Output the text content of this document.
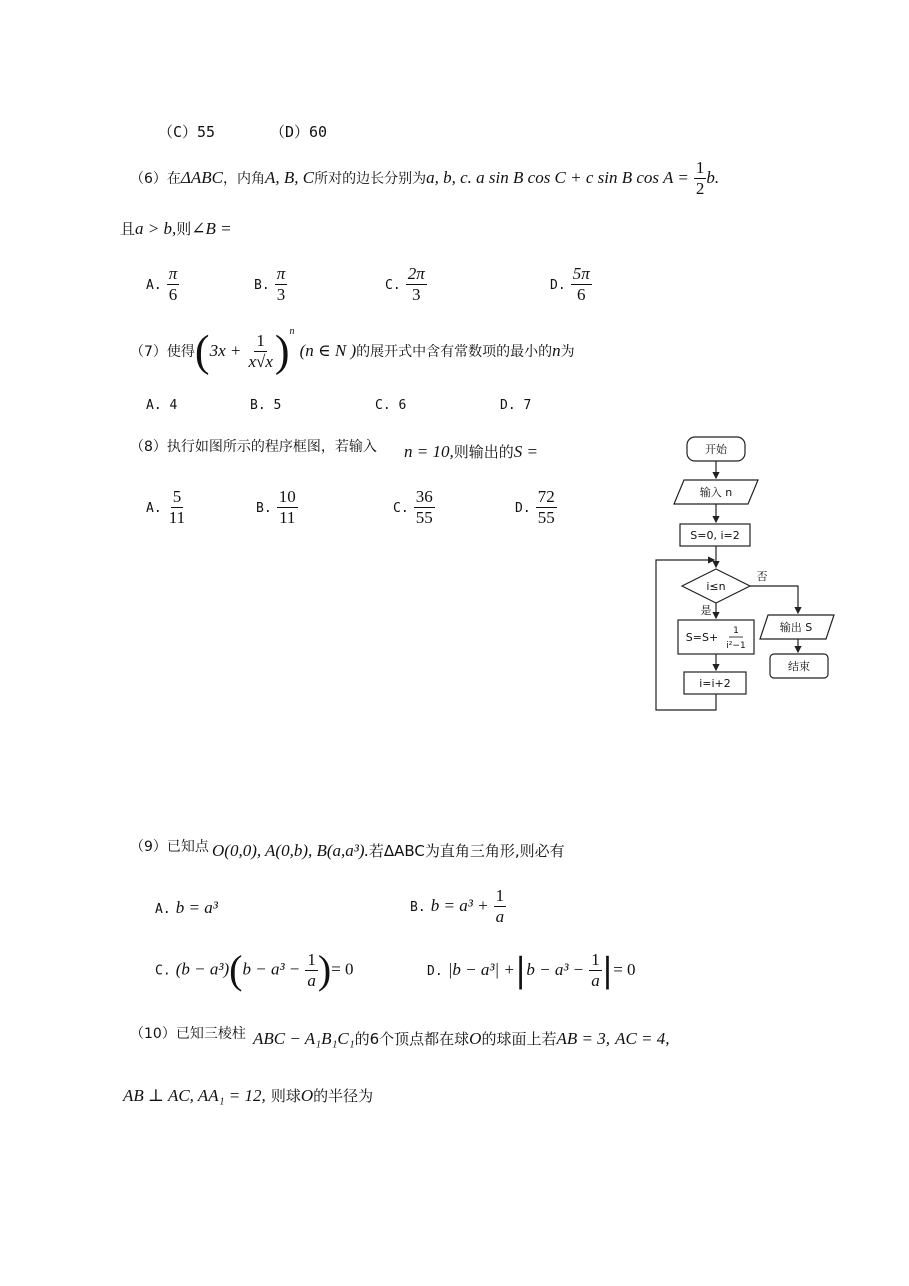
（C）55	（D）60
（6）在ΔABC，内角A, B, C所对的边长分别为a, b, c. a sin B cos C + c sin B $\cos A = \frac{1}{2} b$.
且a > b,则∠B =
A. $\frac{\pi}{6}$	B. $\frac{\pi}{3}$	C. $\frac{2\pi}{3}$	D. $\frac{5\pi}{6}$
（7）使得$(3x + \frac{1}{x√x} )^n$ (n ∈ N )的展开式中含有常数项的最小的n为
A. 4	B. 5	C. 6	D. 7
（8）执行如图所示的程序框图，若输入 n = 10,则输出的S =
A. $\frac{5}{11}$	B. $\frac{10}{11}$	C. $\frac{36}{55}$	D. $\frac{72}{55}$
开始
输入 n
S=0, i=2
i≤n
否
是
S=S+ 1
i²−1
输出 S
结束
i=i+2
（9）已知点 O(0,0), A(0,b), B(a,a³).若ΔABC为直角三角形,则必有
A. b = a³	B. $b = a^3 + \frac{1}{a}$
C. $(b - a^3)(b - a^3 - \frac{1}{a}$ )= 0	D. $|b - a^3| +|b - a^3 - \frac{1}{a}$ |= 0
（10）已知三棱柱 ABC − A₁B₁C₁的6个顶点都在球O的球面上若AB = 3, AC = 4,
AB ⊥ AC, AA₁ = 12, 则球O的半径为
